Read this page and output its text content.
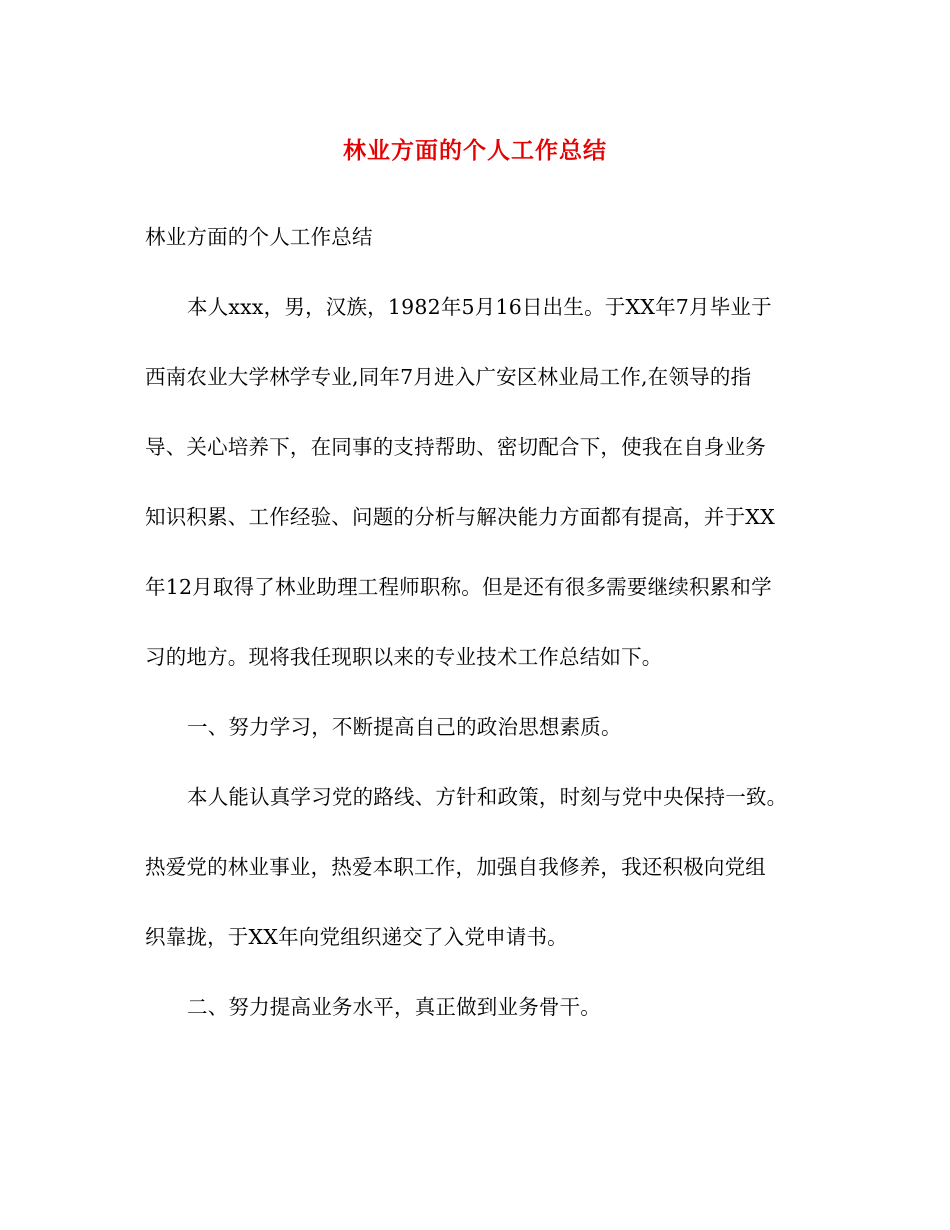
林业方面的个人工作总结
林业方面的个人工作总结
本人xxx，男，汉族，1982年5月16日出生。于XX年7月毕业于
西南农业大学林学专业,同年7月进入广安区林业局工作,在领导的指
导、关心培养下，在同事的支持帮助、密切配合下，使我在自身业务
知识积累、工作经验、问题的分析与解决能力方面都有提高，并于XX
年12月取得了林业助理工程师职称。但是还有很多需要继续积累和学
习的地方。现将我任现职以来的专业技术工作总结如下。
一、努力学习，不断提高自己的政治思想素质。
本人能认真学习党的路线、方针和政策，时刻与党中央保持一致。
热爱党的林业事业，热爱本职工作，加强自我修养，我还积极向党组
织靠拢，于XX年向党组织递交了入党申请书。
二、努力提高业务水平，真正做到业务骨干。
